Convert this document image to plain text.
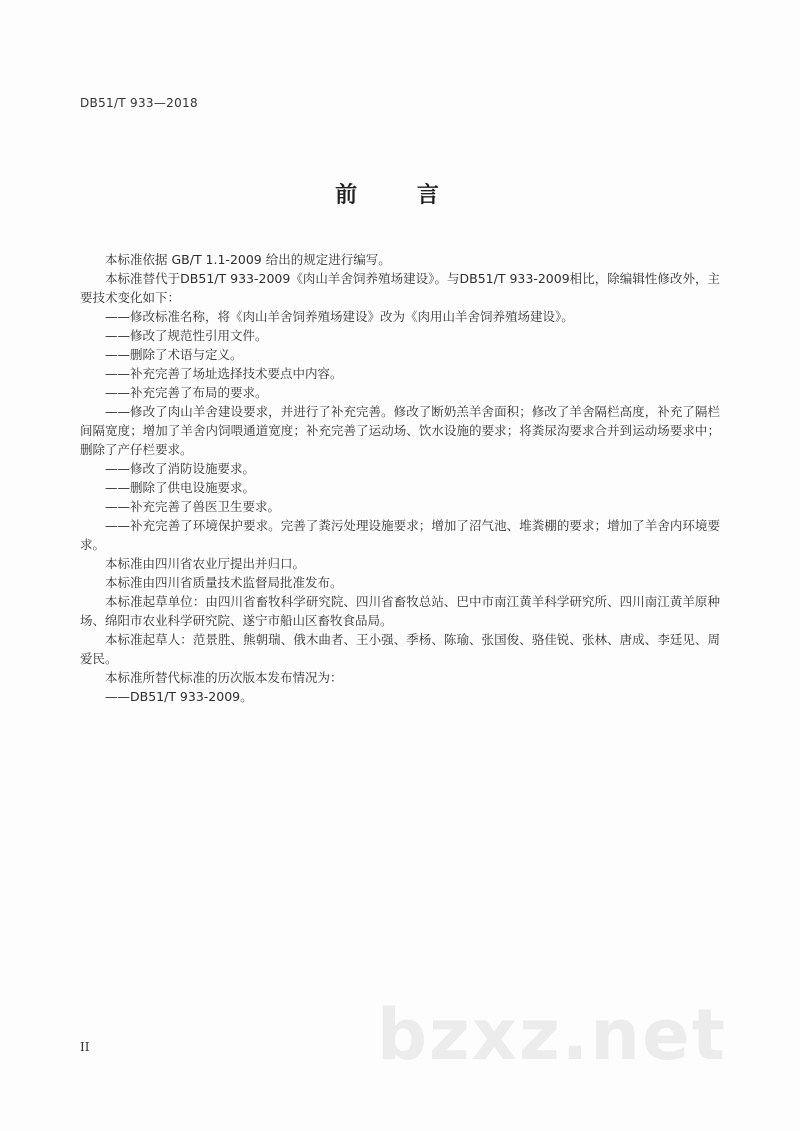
DB51/T 933—2018
前 言

本标准依据 GB/T 1.1-2009 给出的规定进行编写。

本标准替代于DB51/T 933-2009《肉山羊舍饲养殖场建设》。与DB51/T 933-2009相比，除编辑性修改外，主要技术变化如下：

——修改标准名称，将《肉山羊舍饲养殖场建设》改为《肉用山羊舍饲养殖场建设》。

——修改了规范性引用文件。

——删除了术语与定义。

——补充完善了场址选择技术要点中内容。

——补充完善了布局的要求。

——修改了肉山羊舍建设要求，并进行了补充完善。修改了断奶羔羊舍面积；修改了羊舍隔栏高度，补充了隔栏间隔宽度；增加了羊舍内饲喂通道宽度；补充完善了运动场、饮水设施的要求；将粪尿沟要求合并到运动场要求中；删除了产仔栏要求。

——修改了消防设施要求。

——删除了供电设施要求。

——补充完善了兽医卫生要求。

——补充完善了环境保护要求。完善了粪污处理设施要求；增加了沼气池、堆粪棚的要求；增加了羊舍内环境要求。

本标准由四川省农业厅提出并归口。

本标准由四川省质量技术监督局批准发布。

本标准起草单位：由四川省畜牧科学研究院、四川省畜牧总站、巴中市南江黄羊科学研究所、四川南江黄羊原种场、绵阳市农业科学研究院、遂宁市船山区畜牧食品局。

本标准起草人：范景胜、熊朝瑞、俄木曲者、王小强、季杨、陈瑜、张国俊、骆佳锐、张林、唐成、李廷见、周爱民。

本标准所替代标准的历次版本发布情况为：

——DB51/T 933-2009。

II	bzxz.net
